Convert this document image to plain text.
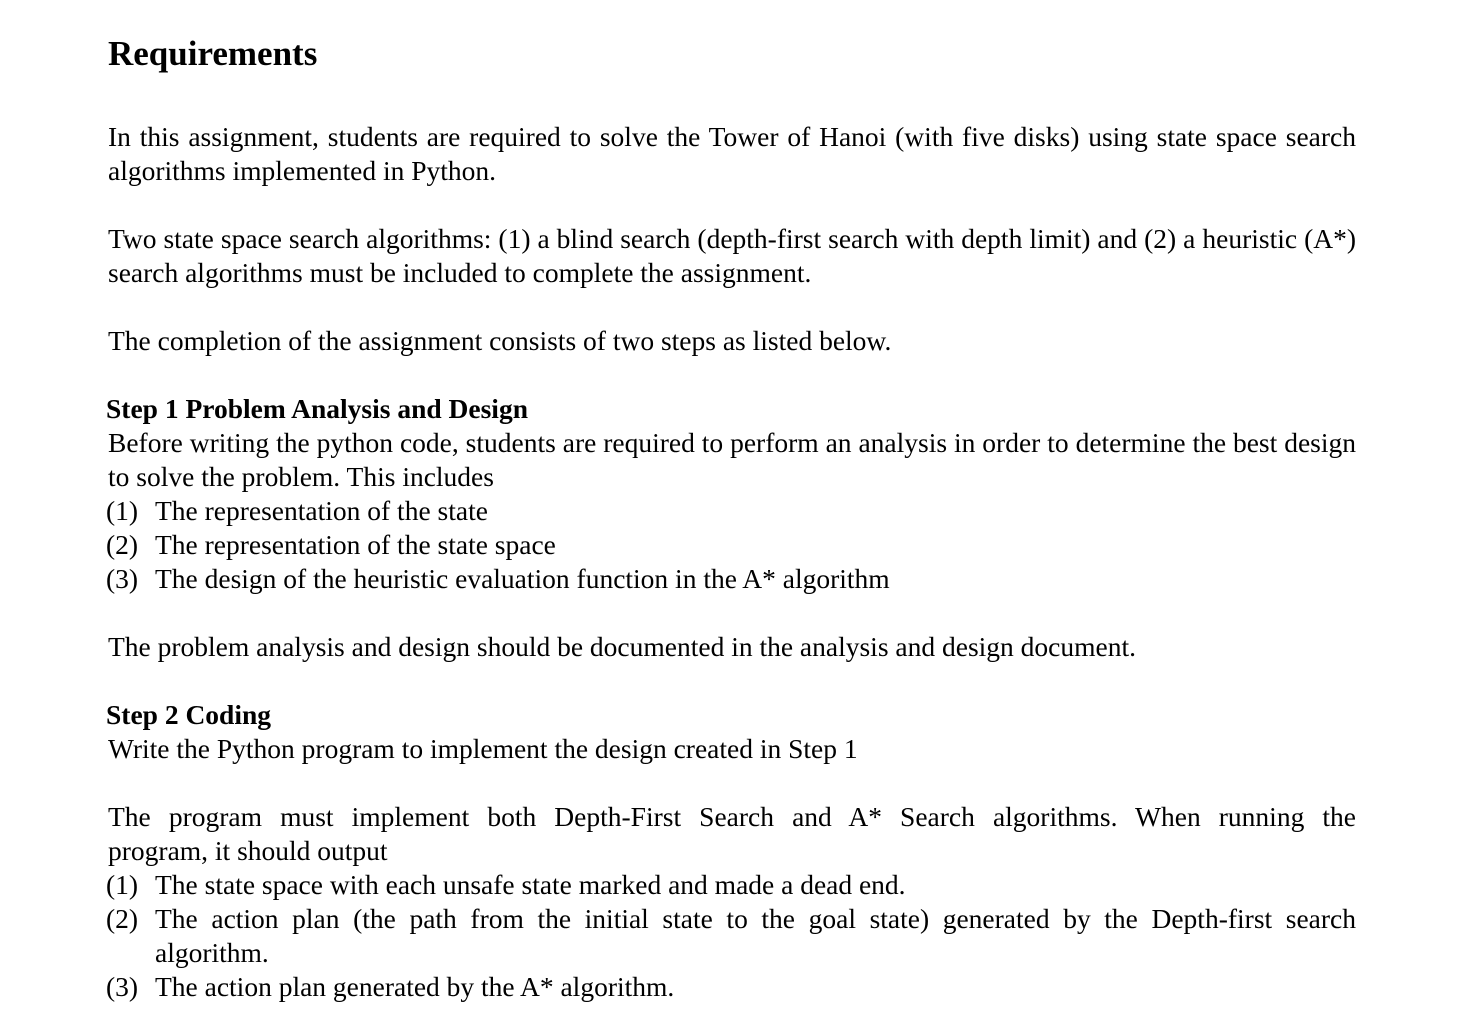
Requirements
In this assignment, students are required to solve the Tower of Hanoi (with five disks) using state space search algorithms implemented in Python.
Two state space search algorithms: (1) a blind search (depth-first search with depth limit) and (2) a heuristic (A*) search algorithms must be included to complete the assignment.
The completion of the assignment consists of two steps as listed below.
Step 1 Problem Analysis and Design
Before writing the python code, students are required to perform an analysis in order to determine the best design to solve the problem. This includes
(1) The representation of the state
(2) The representation of the state space
(3) The design of the heuristic evaluation function in the A* algorithm
The problem analysis and design should be documented in the analysis and design document.
Step 2 Coding
Write the Python program to implement the design created in Step 1
The program must implement both Depth-First Search and A* Search algorithms. When running the
program, it should output
(1) The state space with each unsafe state marked and made a dead end.
(2) The action plan (the path from the initial state to the goal state) generated by the Depth-first search algorithm.
(3) The action plan generated by the A* algorithm.
